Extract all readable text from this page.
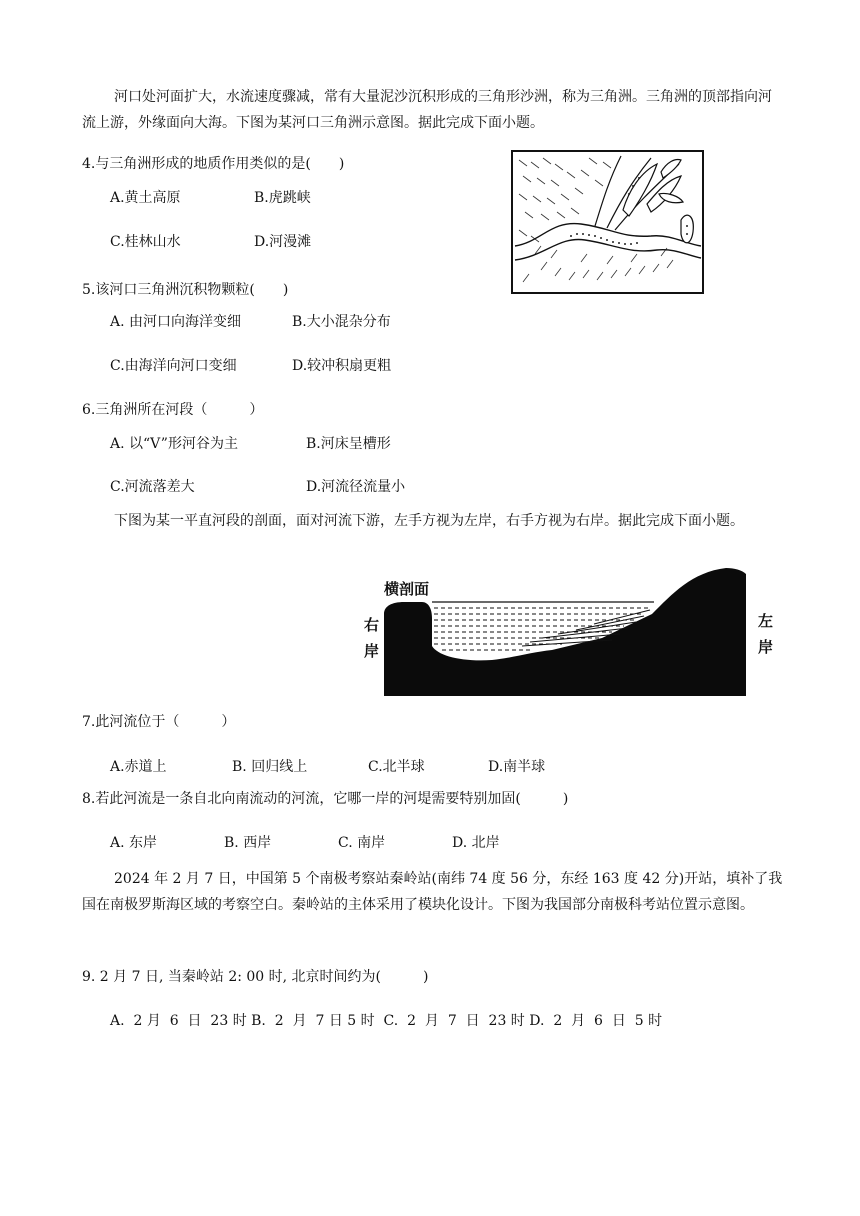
河口处河面扩大，水流速度骤减，常有大量泥沙沉积形成的三角形沙洲，称为三角洲。三角洲的顶部指向河流上游，外缘面向大海。下图为某河口三角洲示意图。据此完成下面小题。
4.与三角洲形成的地质作用类似的是(　　)
A.黄土高原	B.虎跳峡
C.桂林山水	D.河漫滩
5.该河口三角洲沉积物颗粒(　　)
A. 由河口向海洋变细	B.大小混杂分布
C.由海洋向河口变细	D.较冲积扇更粗
6.三角洲所在河段（　　　）
A. 以“V”形河谷为主	B.河床呈槽形
C.河流落差大	D.河流径流量小
下图为某一平直河段的剖面，面对河流下游，左手方视为左岸，右手方视为右岸。据此完成下面小题。
横剖面
右
岸
左
岸
7.此河流位于（　　　）
A.赤道上	B. 回归线上	C.北半球	D.南半球
8.若此河流是一条自北向南流动的河流，它哪一岸的河堤需要特别加固(　　　)
A. 东岸	B. 西岸	C. 南岸	D. 北岸
2024 年 2 月 7 日，中国第 5 个南极考察站秦岭站(南纬 74 度 56 分，东经 163 度 42 分)开站，填补了我国在南极罗斯海区域的考察空白。秦岭站的主体采用了模块化设计。下图为我国部分南极科考站位置示意图。
9. 2 月 7 日, 当秦岭站 2: 00 时, 北京时间约为(　　　)
A.  2 月  6  日  23 时 B.  2  月  7 日 5 时  C.  2  月  7  日  23 时 D.  2  月  6  日  5 时
